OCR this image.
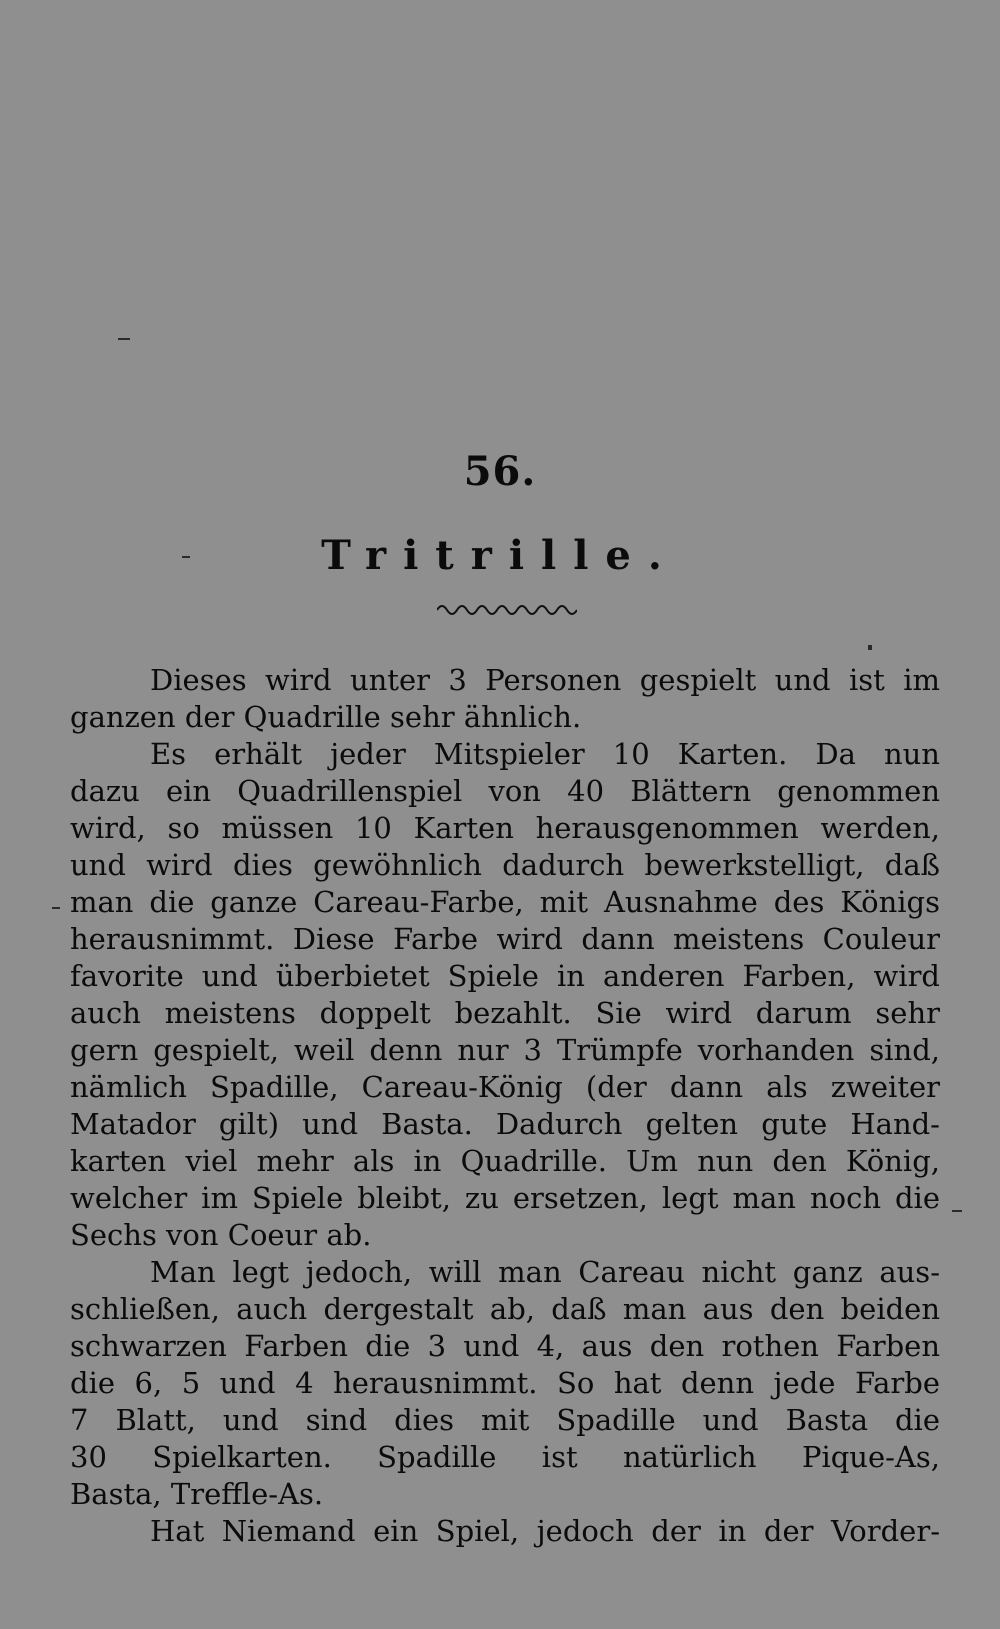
56.
Tritrille.
Dieses wird unter 3 Personen gespielt und ist im
ganzen der Quadrille sehr ähnlich.
Es erhält jeder Mitspieler 10 Karten. Da nun
dazu ein Quadrillenspiel von 40 Blättern genommen
wird, so müssen 10 Karten herausgenommen werden,
und wird dies gewöhnlich dadurch bewerkstelligt, daß
man die ganze Careau-Farbe, mit Ausnahme des Königs
herausnimmt. Diese Farbe wird dann meistens Couleur
favorite und überbietet Spiele in anderen Farben, wird
auch meistens doppelt bezahlt. Sie wird darum sehr
gern gespielt, weil denn nur 3 Trümpfe vorhanden sind,
nämlich Spadille, Careau-König (der dann als zweiter
Matador gilt) und Basta. Dadurch gelten gute Hand-
karten viel mehr als in Quadrille. Um nun den König,
welcher im Spiele bleibt, zu ersetzen, legt man noch die
Sechs von Coeur ab.
Man legt jedoch, will man Careau nicht ganz aus-
schließen, auch dergestalt ab, daß man aus den beiden
schwarzen Farben die 3 und 4, aus den rothen Farben
die 6, 5 und 4 herausnimmt. So hat denn jede Farbe
7 Blatt, und sind dies mit Spadille und Basta die
30 Spielkarten. Spadille ist natürlich Pique-As,
Basta, Treffle-As.
Hat Niemand ein Spiel, jedoch der in der Vorder-
